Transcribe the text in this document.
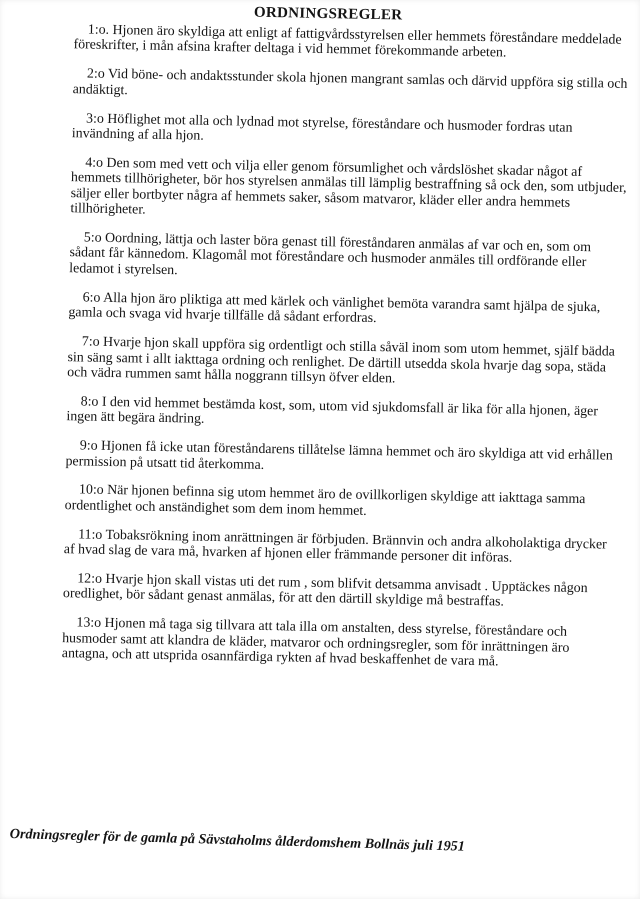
ORDNINGSREGLER
1:o. Hjonen äro skyldiga att enligt af fattigvårdsstyrelsen eller hemmets föreståndare meddelade föreskrifter, i mån afsina krafter deltaga i vid hemmet förekommande arbeten.
2:o Vid böne- och andaktsstunder skola hjonen mangrant samlas och därvid uppföra sig stilla och andäktigt.
3:o Höflighet mot alla och lydnad mot styrelse, föreståndare och husmoder fordras utan invändning af alla hjon.
4:o Den som med vett och vilja eller genom försumlighet och vårdslöshet skadar något af hemmets tillhörigheter, bör hos styrelsen anmälas till lämplig bestraffning så ock den, som utbjuder, säljer eller bortbyter några af hemmets saker, såsom matvaror, kläder eller andra hemmets tillhörigheter.
5:o Oordning, lättja och laster böra genast till föreståndaren anmälas af var och en, som om sådant får kännedom. Klagomål mot föreståndare och husmoder anmäles till ordförande eller ledamot i styrelsen.
6:o Alla hjon äro pliktiga att med kärlek och vänlighet bemöta varandra samt hjälpa de sjuka, gamla och svaga vid hvarje tillfälle då sådant erfordras.
7:o Hvarje hjon skall uppföra sig ordentligt och stilla såväl inom som utom hemmet, själf bädda sin säng samt i allt iakttaga ordning och renlighet. De därtill utsedda skola hvarje dag sopa, städa och vädra rummen samt hålla noggrann tillsyn öfver elden.
8:o I den vid hemmet bestämda kost, som, utom vid sjukdomsfall är lika för alla hjonen, äger ingen ätt begära ändring.
9:o Hjonen få icke utan föreståndarens tillåtelse lämna hemmet och äro skyldiga att vid erhållen permission på utsatt tid återkomma.
10:o När hjonen befinna sig utom hemmet äro de ovillkorligen skyldige att iakttaga samma ordentlighet och anständighet som dem inom hemmet.
11:o Tobaksrökning inom anrättningen är förbjuden. Brännvin och andra alkoholaktiga drycker af hvad slag de vara må, hvarken af hjonen eller främmande personer dit införas.
12:o Hvarje hjon skall vistas uti det rum , som blifvit detsamma anvisadt . Upptäckes någon oredlighet, bör sådant genast anmälas, för att den därtill skyldige må bestraffas.
13:o Hjonen må taga sig tillvara att tala illa om anstalten, dess styrelse, föreståndare och husmoder samt att klandra de kläder, matvaror och ordningsregler, som för inrättningen äro antagna, och att utsprida osannfärdiga rykten af hvad beskaffenhet de vara må.
Ordningsregler för de gamla på Sävstaholms ålderdomshem Bollnäs juli 1951
